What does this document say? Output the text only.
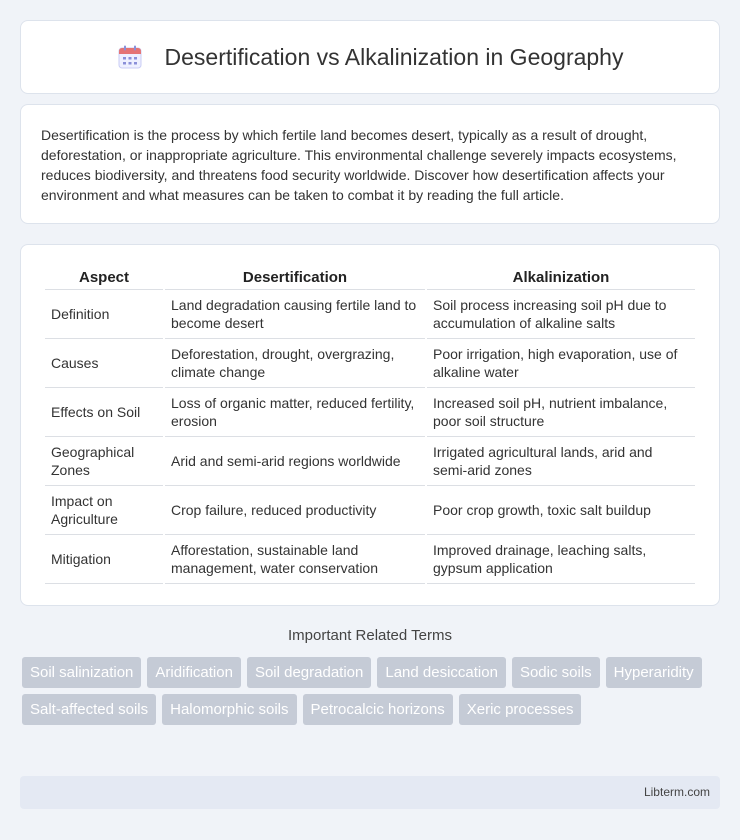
Desertification vs Alkalinization in Geography

Desertification is the process by which fertile land becomes desert, typically as a result of drought, deforestation, or inappropriate agriculture. This environmental challenge severely impacts ecosystems, reduces biodiversity, and threatens food security worldwide. Discover how desertification affects your environment and what measures can be taken to combat it by reading the full article.

Aspect	Desertification	Alkalinization
Definition	Land degradation causing fertile land to become desert	Soil process increasing soil pH due to accumulation of alkaline salts
Causes	Deforestation, drought, overgrazing, climate change	Poor irrigation, high evaporation, use of alkaline water
Effects on Soil	Loss of organic matter, reduced fertility, erosion	Increased soil pH, nutrient imbalance, poor soil structure
Geographical Zones	Arid and semi-arid regions worldwide	Irrigated agricultural lands, arid and semi-arid zones
Impact on Agriculture	Crop failure, reduced productivity	Poor crop growth, toxic salt buildup
Mitigation	Afforestation, sustainable land management, water conservation	Improved drainage, leaching salts, gypsum application
Important Related Terms
Soil salinization	Aridification	Soil degradation	Land desiccation	Sodic soils	Hyperaridity
Salt-affected soils	Halomorphic soils	Petrocalcic horizons	Xeric processes
Libterm.com
